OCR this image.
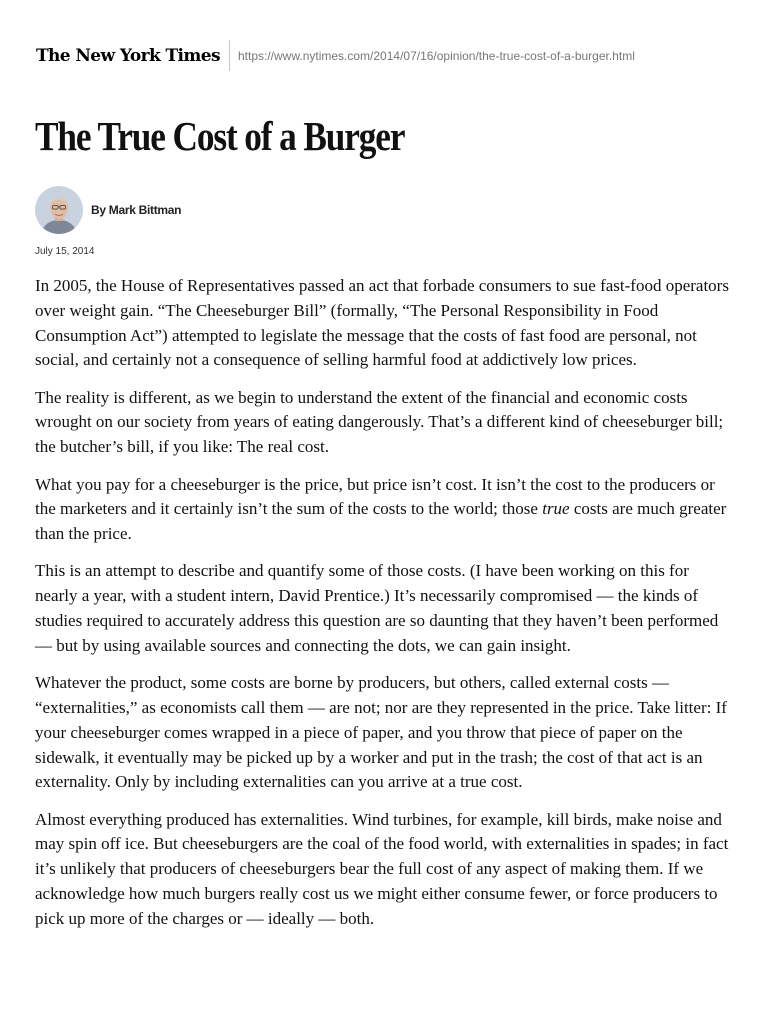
The New York Times https://www.nytimes.com/2014/07/16/opinion/the-true-cost-of-a-burger.html
The True Cost of a Burger
By Mark Bittman
July 15, 2014

In 2005, the House of Representatives passed an act that forbade consumers to sue fast-food operators over weight gain. “The Cheeseburger Bill” (formally, “The Personal Responsibility in Food Consumption Act”) attempted to legislate the message that the costs of fast food are personal, not social, and certainly not a consequence of selling harmful food at addictively low prices.

The reality is different, as we begin to understand the extent of the financial and economic costs wrought on our society from years of eating dangerously. That’s a different kind of cheeseburger bill; the butcher’s bill, if you like: The real cost.

What you pay for a cheeseburger is the price, but price isn’t cost. It isn’t the cost to the producers or the marketers and it certainly isn’t the sum of the costs to the world; those true costs are much greater than the price.

This is an attempt to describe and quantify some of those costs. (I have been working on this for nearly a year, with a student intern, David Prentice.) It’s necessarily compromised — the kinds of studies required to accurately address this question are so daunting that they haven’t been performed — but by using available sources and connecting the dots, we can gain insight.

Whatever the product, some costs are borne by producers, but others, called external costs — “externalities,” as economists call them — are not; nor are they represented in the price. Take litter: If your cheeseburger comes wrapped in a piece of paper, and you throw that piece of paper on the sidewalk, it eventually may be picked up by a worker and put in the trash; the cost of that act is an externality. Only by including externalities can you arrive at a true cost.

Almost everything produced has externalities. Wind turbines, for example, kill birds, make noise and may spin off ice. But cheeseburgers are the coal of the food world, with externalities in spades; in fact it’s unlikely that producers of cheeseburgers bear the full cost of any aspect of making them. If we acknowledge how much burgers really cost us we might either consume fewer, or force producers to pick up more of the charges or — ideally — both.
